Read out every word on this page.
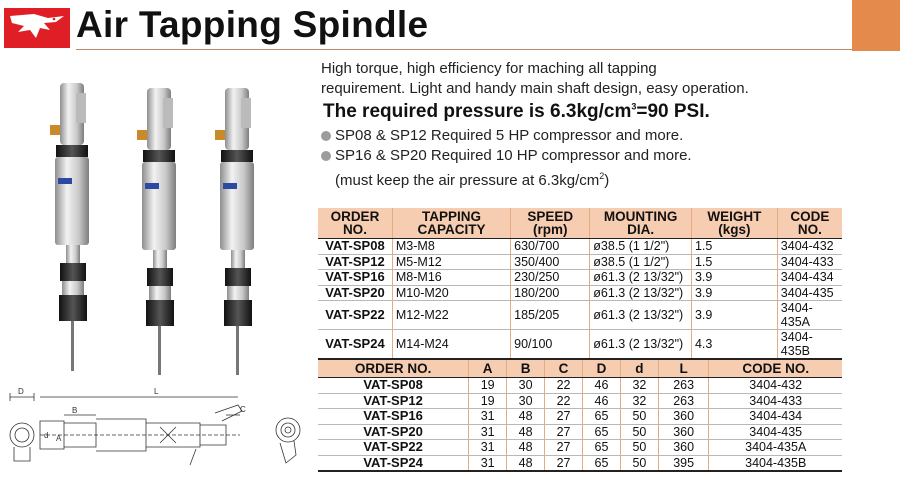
Air Tapping Spindle
High torque, high efficiency for maching all tapping
requirement. Light and handy main shaft design, easy operation.
The required pressure is $6.3kg/cm^3=90$ PSI.
SP08 & SP12 Required 5 HP compressor and more.
SP16 & SP20 Required 10 HP compressor and more.
(must keep the air pressure at $6.3kg/cm^2$)
ORDER NO.	TAPPING CAPACITY	SPEED (rpm)	MOUNTING DIA.	WEIGHT (kgs)	CODE NO.
VAT-SP08	M3-M8	630/700	ø38.5 (1 1/2")	1.5	3404-432
VAT-SP12	M5-M12	350/400	ø38.5 (1 1/2")	1.5	3404-433
VAT-SP16	M8-M16	230/250	ø61.3 (2 13/32")	3.9	3404-434
VAT-SP20	M10-M20	180/200	ø61.3 (2 13/32")	3.9	3404-435
VAT-SP22	M12-M22	185/205	ø61.3 (2 13/32")	3.9	3404-435A
VAT-SP24	M14-M24	90/100	ø61.3 (2 13/32")	4.3	3404-435B
ORDER NO.	A	B	C	D	d	L	CODE NO.
VAT-SP08	19	30	22	46	32	263	3404-432
VAT-SP12	19	30	22	46	32	263	3404-433
VAT-SP16	31	48	27	65	50	360	3404-434
VAT-SP20	31	48	27	65	50	360	3404-435
VAT-SP22	31	48	27	65	50	360	3404-435A
VAT-SP24	31	48	27	65	50	395	3404-435B
D	L
B	C
A
d
